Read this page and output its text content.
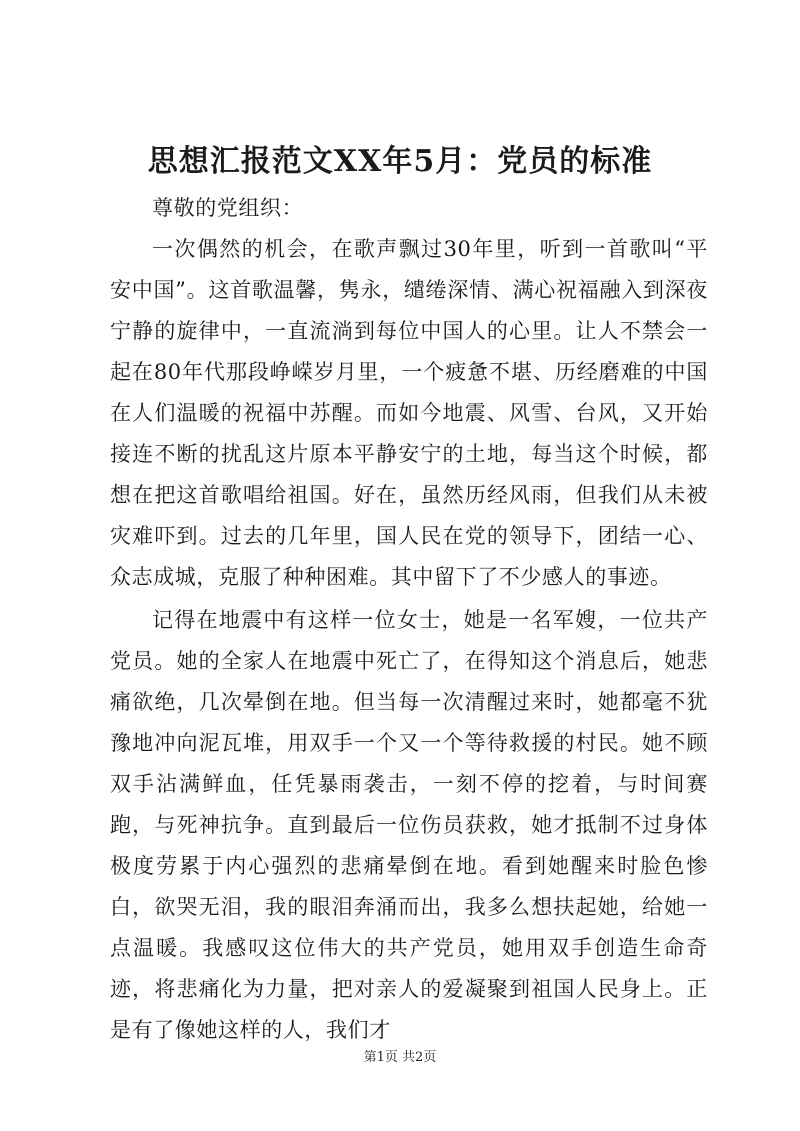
思想汇报范文XX年5月：党员的标准

尊敬的党组织：

一次偶然的机会，在歌声飘过30年里，听到一首歌叫“平安中国”。这首歌温馨，隽永，缱绻深情、满心祝福融入到深夜宁静的旋律中，一直流淌到每位中国人的心里。让人不禁会一起在80年代那段峥嵘岁月里，一个疲惫不堪、历经磨难的中国在人们温暖的祝福中苏醒。而如今地震、风雪、台风，又开始接连不断的扰乱这片原本平静安宁的土地，每当这个时候，都想在把这首歌唱给祖国。好在，虽然历经风雨，但我们从未被灾难吓到。过去的几年里，国人民在党的领导下，团结一心、众志成城，克服了种种困难。其中留下了不少感人的事迹。

记得在地震中有这样一位女士，她是一名军嫂，一位共产党员。她的全家人在地震中死亡了，在得知这个消息后，她悲痛欲绝，几次晕倒在地。但当每一次清醒过来时，她都毫不犹豫地冲向泥瓦堆，用双手一个又一个等待救援的村民。她不顾双手沾满鲜血，任凭暴雨袭击，一刻不停的挖着，与时间赛跑，与死神抗争。直到最后一位伤员获救，她才抵制不过身体极度劳累于内心强烈的悲痛晕倒在地。看到她醒来时脸色惨白，欲哭无泪，我的眼泪奔涌而出，我多么想扶起她，给她一点温暖。我感叹这位伟大的共产党员，她用双手创造生命奇迹，将悲痛化为力量，把对亲人的爱凝聚到祖国人民身上。正是有了像她这样的人，我们才

第1页 共2页
